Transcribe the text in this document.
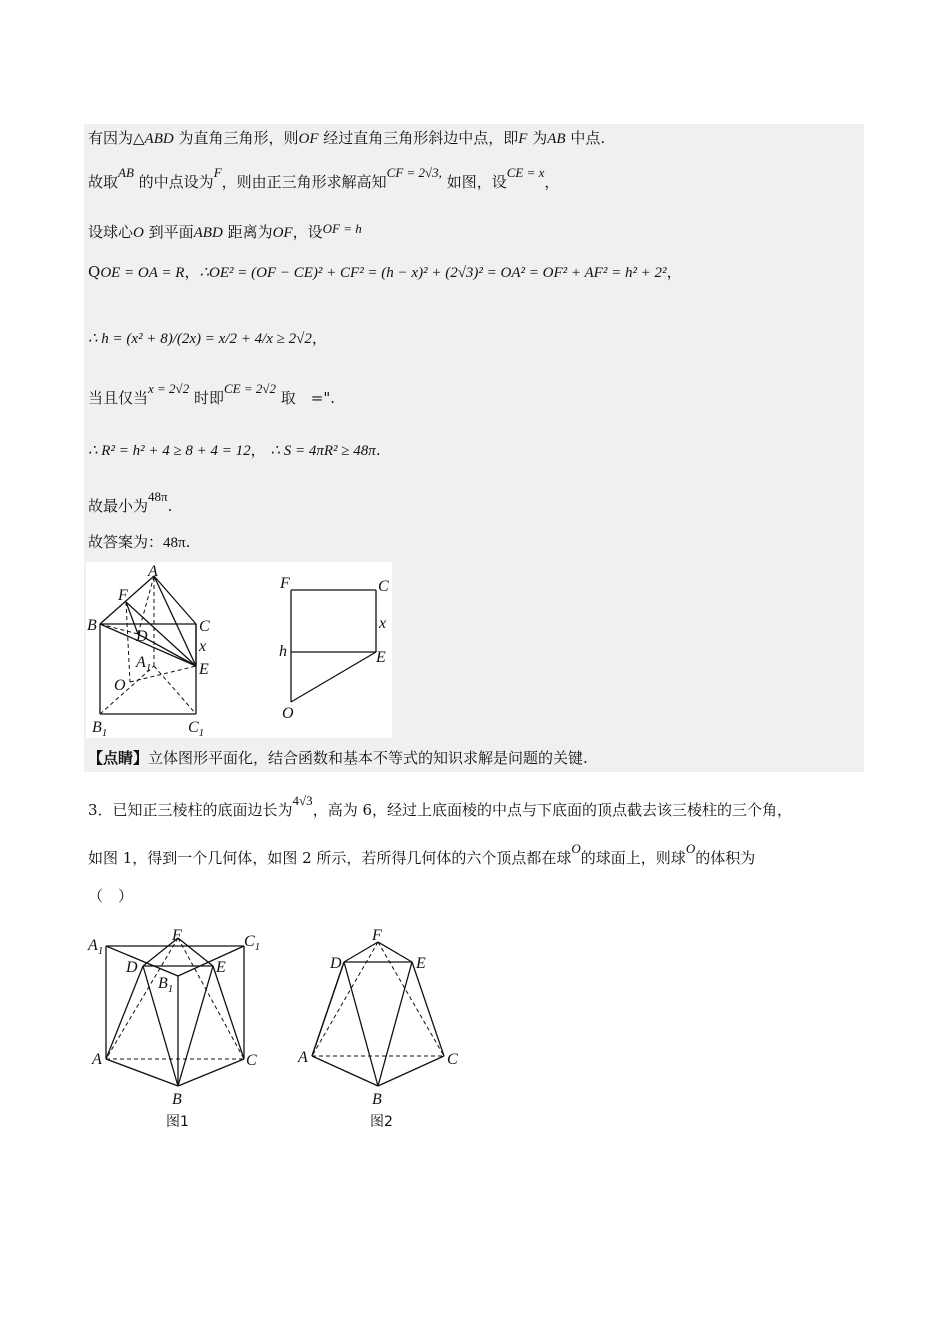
有因为△ABD 为直角三角形，则OF 经过直角三角形斜边中点，即F 为AB 中点.
故取AB 的中点设为F，则由正三角形求解高知CF = 2√3, 如图，设CE = x，
设球心O 到平面ABD 距离为OF，设OF = h
QOE = OA = R，∴OE² = (OF − CE)² + CF² = (h − x)² + (2√3)² = OA² = OF² + AF² = h² + 2²，
∴ h = (x² + 8)/(2x) = x/2 + 4/x ≥ 2√2，
当且仅当x = 2√2 时即CE = 2√2 取　=".
∴ R² = h² + 4 ≥ 8 + 4 = 12， ∴ S = 4πR² ≥ 48π.
故最小为48π.
故答案为：48π.
A
F
B	C
D
x
$A_1$	E
O
$B_1$	$C_1$
F	C
x
h	E
O
【点睛】立体图形平面化，结合函数和基本不等式的知识求解是问题的关键.
3．已知正三棱柱的底面边长为4√3，高为 6，经过上底面棱的中点与下底面的顶点截去该三棱柱的三个角，
如图 1，得到一个几何体，如图 2 所示，若所得几何体的六个顶点都在球O的球面上，则球O的体积为
（　）
$A_1$
F	$C_1$
D	E
$B_1$
A	C
B
图1
F
D	E
A	C
B
图2
